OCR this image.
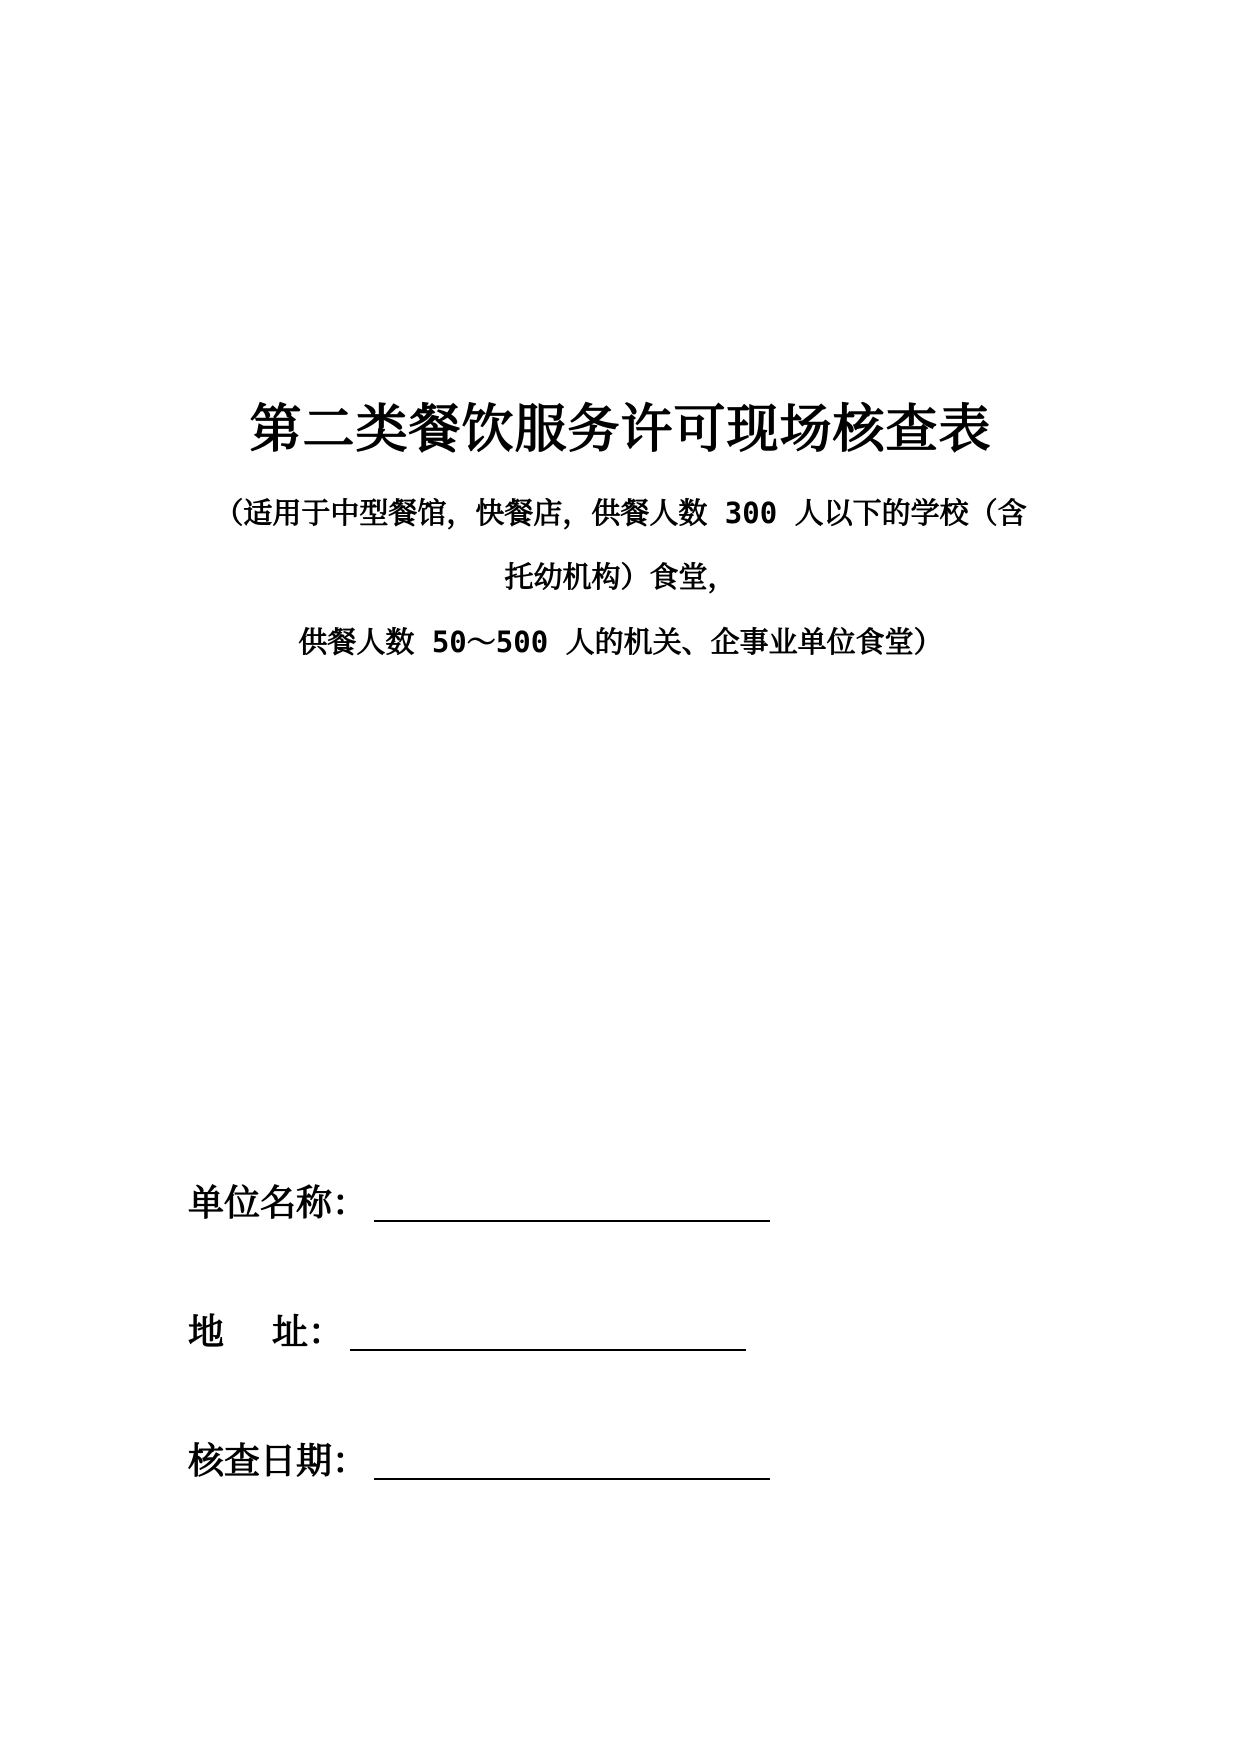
第二类餐饮服务许可现场核查表
（适用于中型餐馆，快餐店，供餐人数 300 人以下的学校（含
托幼机构）食堂，
供餐人数 50～500 人的机关、企事业单位食堂）
单位名称：
地 址：
核查日期：
